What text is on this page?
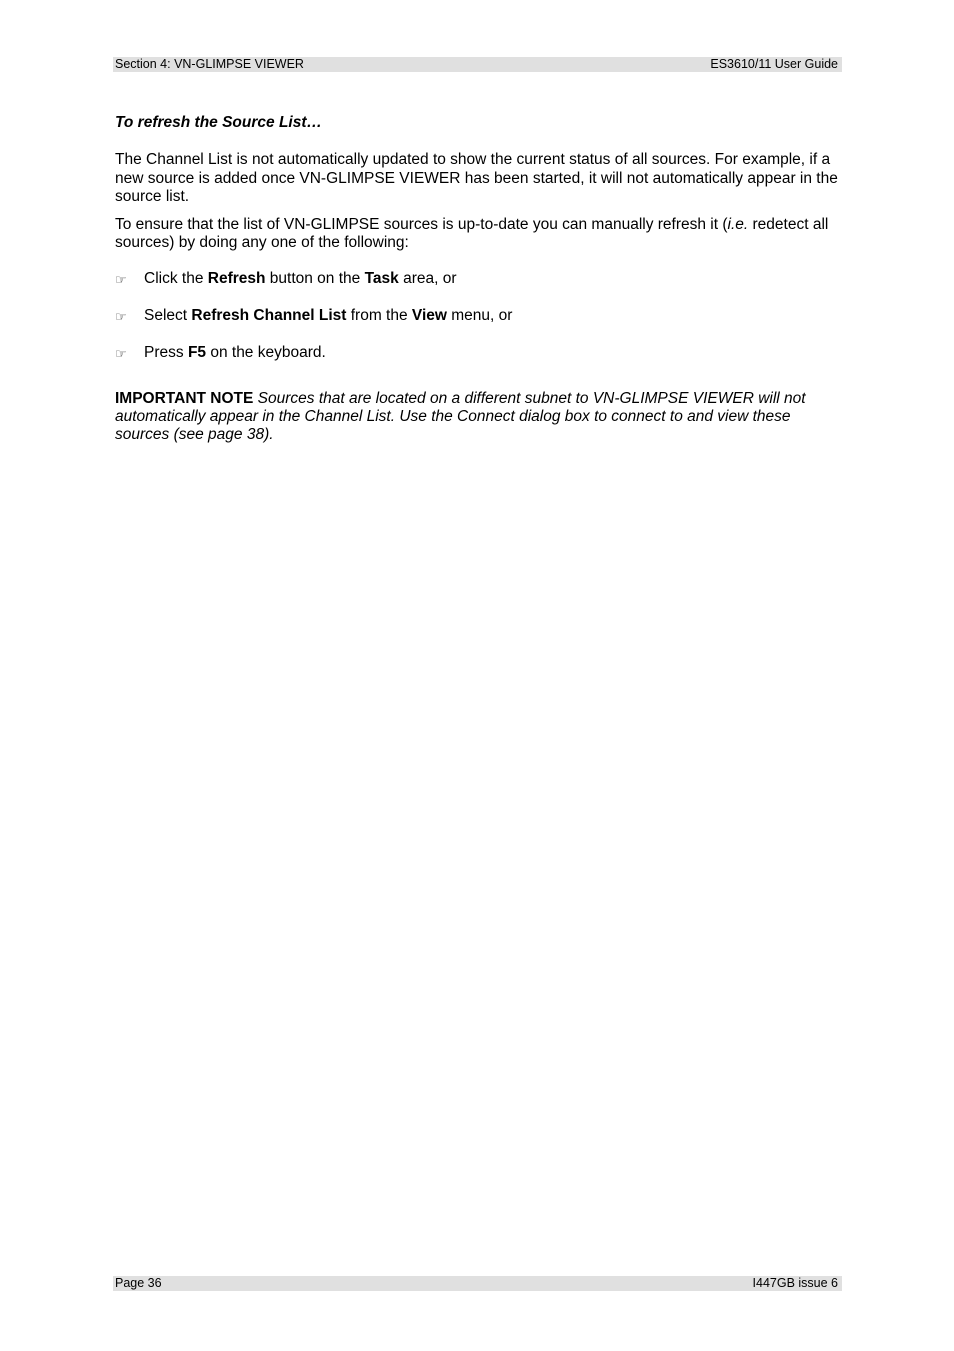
Section 4: VN-GLIMPSE VIEWER	ES3610/11 User Guide

To refresh the Source List…

The Channel List is not automatically updated to show the current status of all sources. For example, if a new source is added once VN-GLIMPSE VIEWER has been started, it will not automatically appear in the source list.

To ensure that the list of VN-GLIMPSE sources is up-to-date you can manually refresh it (i.e. redetect all sources) by doing any one of the following:

☞ Click the Refresh button on the Task area, or
☞ Select Refresh Channel List from the View menu, or
☞ Press F5 on the keyboard.

IMPORTANT NOTE Sources that are located on a different subnet to VN-GLIMPSE VIEWER will not automatically appear in the Channel List. Use the Connect dialog box to connect to and view these sources (see page 38).

Page 36	I447GB issue 6
